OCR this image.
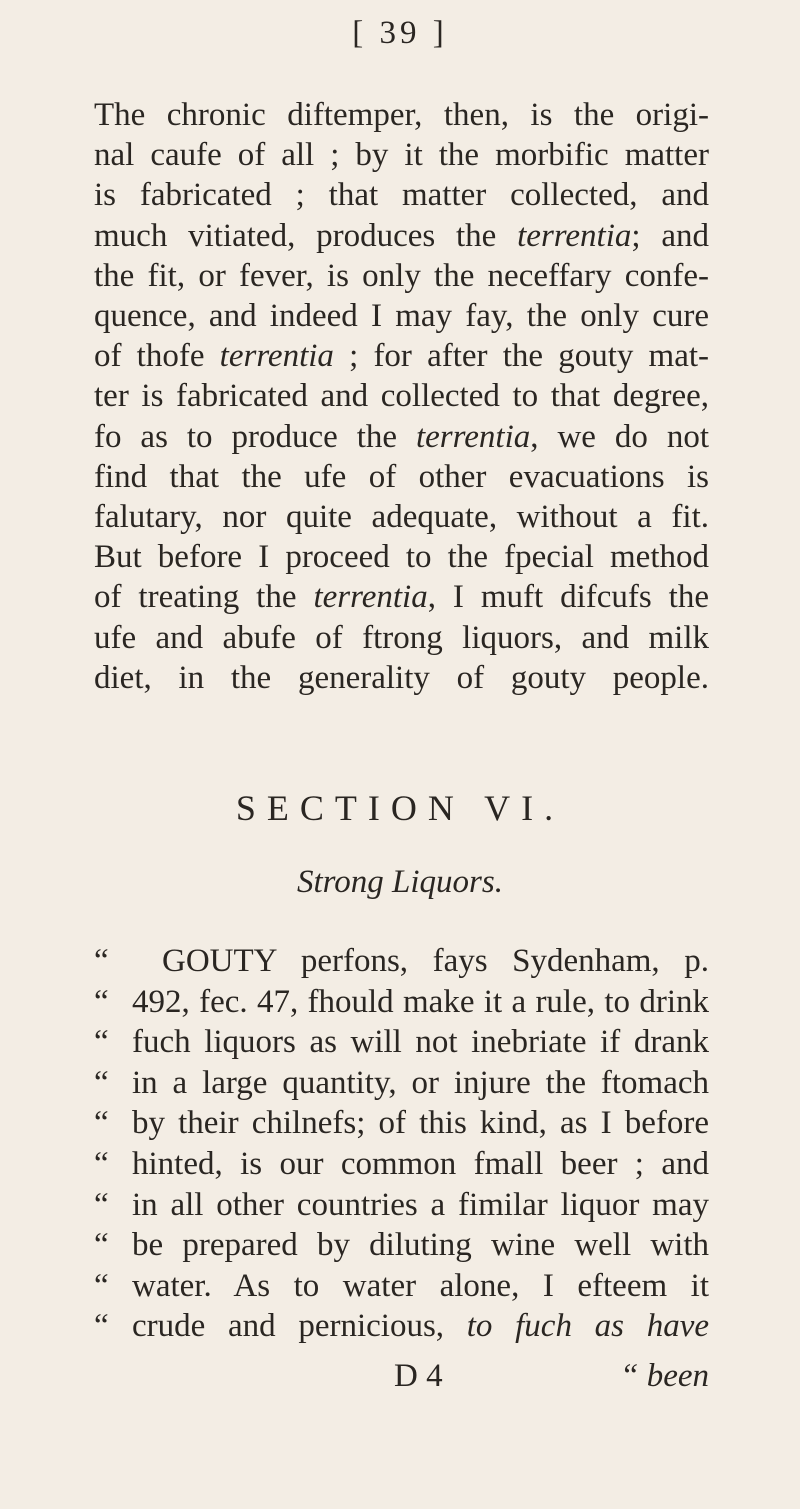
[ 39 ]
The chronic diftemper, then, is the origi-
nal caufe of all ; by it the morbific matter
is fabricated ; that matter collected, and
much vitiated, produces the terrentia; and
the fit, or fever, is only the neceffary confe-
quence, and indeed I may fay, the only cure
of thofe terrentia ; for after the gouty mat-
ter is fabricated and collected to that degree,
fo as to produce the terrentia, we do not
find that the ufe of other evacuations is
falutary, nor quite adequate, without a fit.
But before I proceed to the fpecial method
of treating the terrentia, I muft difcufs the
ufe and abufe of ftrong liquors, and milk
diet, in the generality of gouty people.
SECTION VI.
Strong Liquors.
“ GOUTY perfons, fays Sydenham, p.
“ 492, fec. 47, fhould make it a rule, to drink
“ fuch liquors as will not inebriate if drank
“ in a large quantity, or injure the ftomach
“ by their chilnefs; of this kind, as I before
“ hinted, is our common fmall beer ; and
“ in all other countries a fimilar liquor may
“ be prepared by diluting wine well with
“ water. As to water alone, I efteem it
“ crude and pernicious, to fuch as have
D 4	“ been
